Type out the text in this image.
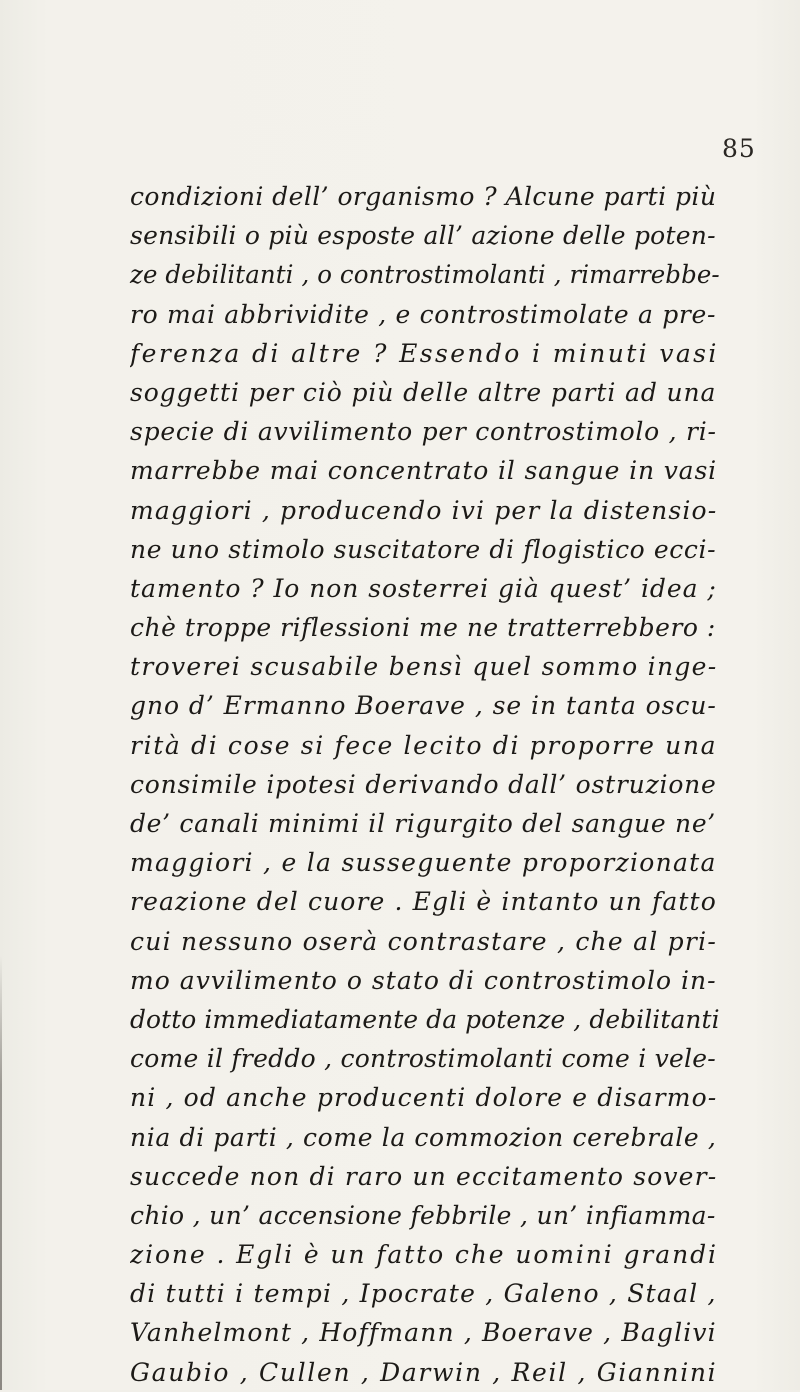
85
condizioni dell’ organismo ? Alcune parti più
sensibili o più esposte all’ azione delle poten-
ze debilitanti , o controstimolanti , rimarrebbe-
ro mai abbrividite , e controstimolate a pre-
ferenza di altre ? Essendo i minuti vasi
soggetti per ciò più delle altre parti ad una
specie di avvilimento per controstimolo , ri-
marrebbe mai concentrato il sangue in vasi
maggiori , producendo ivi per la distensio-
ne uno stimolo suscitatore di flogistico ecci-
tamento ? Io non sosterrei già quest’ idea ;
chè troppe riflessioni me ne tratterrebbero :
troverei scusabile bensì quel sommo inge-
gno d’ Ermanno Boerave , se in tanta oscu-
rità di cose si fece lecito di proporre una
consimile ipotesi derivando dall’ ostruzione
de’ canali minimi il rigurgito del sangue ne’
maggiori , e la susseguente proporzionata
reazione del cuore . Egli è intanto un fatto
cui nessuno oserà contrastare , che al pri-
mo avvilimento o stato di controstimolo in-
dotto immediatamente da potenze , debilitanti
come il freddo , controstimolanti come i vele-
ni , od anche producenti dolore e disarmo-
nia di parti , come la commozion cerebrale ,
succede non di raro un eccitamento sover-
chio , un’ accensione febbrile , un’ infiamma-
zione . Egli è un fatto che uomini grandi
di tutti i tempi , Ipocrate , Galeno , Staal ,
Vanhelmont , Hoffmann , Boerave , Baglivi
Gaubio , Cullen , Darwin , Reil , Giannini
